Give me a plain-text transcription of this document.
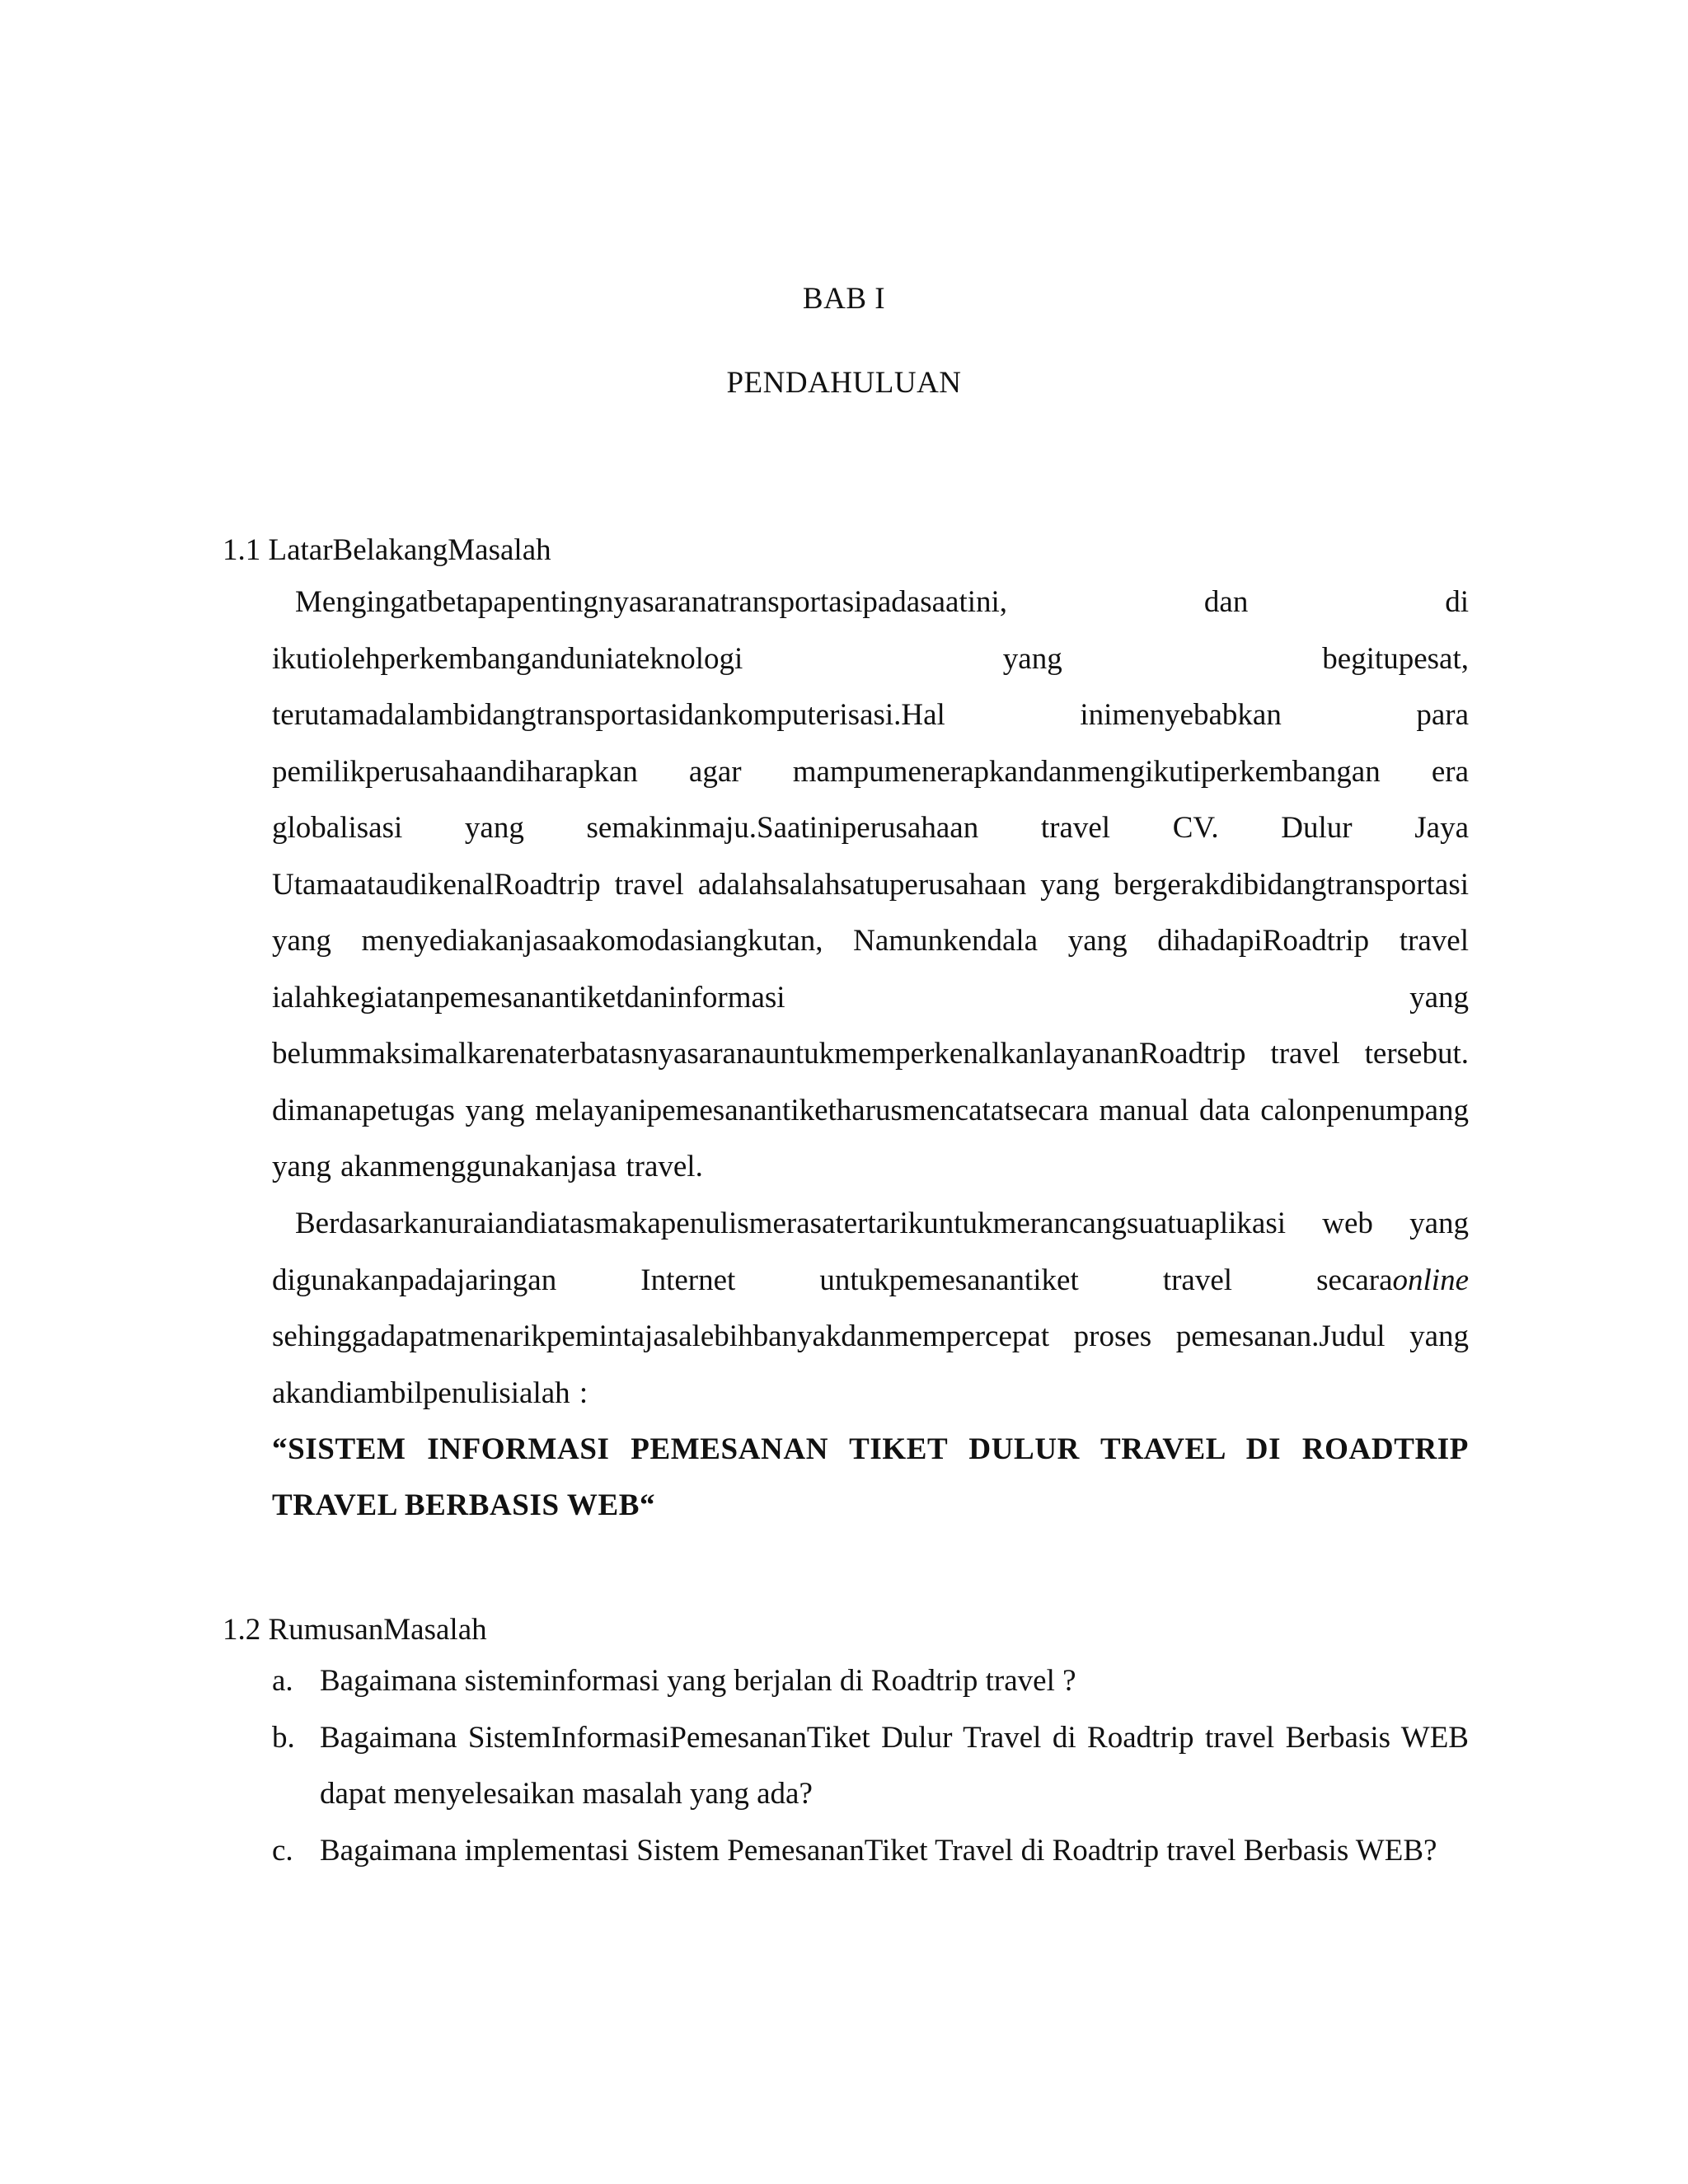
BAB I
PENDAHULUAN
1.1 LatarBelakangMasalah
Mengingatbetapapentingnyasaranatransportasipadasaatini, dan di ikutiolehperkembanganduniateknologi yang begitupesat, terutamadalambidangtransportasidankomputerisasi.Hal inimenyebabkan para pemilikperusahaandiharapkan agar mampumenerapkandanmengikutiperkembangan era globalisasi yang semakinmaju.Saatiniperusahaan travel CV. Dulur Jaya UtamaataudikenalRoadtrip travel adalahsalahsatuperusahaan yang bergerakdibidangtransportasi yang menyediakanjasaakomodasiangkutan, Namunkendala yang dihadapiRoadtrip travel ialahkegiatanpemesanantiketdaninformasi yang belummaksimalkarenaterbatasnyasaranauntukmemperkenalkanlayananRoadtrip travel tersebut. dimanapetugas yang melayanipemesanantiketharusmencatatsecara manual data calonpenumpang yang akanmenggunakanjasa travel.
Berdasarkanuraiandiatasmakapenulismerasatertarikuntukmerancangsuatuaplikasi web yang digunakanpadajaringan Internet untukpemesanantiket travel secaraonline sehinggadapatmenarikpemintajasalebihbanyakdanmempercepat proses pemesanan.Judul yang akandiambilpenulisialah :
“SISTEM INFORMASI PEMESANAN TIKET DULUR TRAVEL DI ROADTRIP TRAVEL BERBASIS WEB“
1.2 RumusanMasalah
a. Bagaimana sisteminformasi yang berjalan di Roadtrip travel ?
b. Bagaimana SistemInformasiPemesananTiket Dulur Travel di Roadtrip travel Berbasis WEB dapat menyelesaikan masalah yang ada?
c. Bagaimana implementasi Sistem PemesananTiket Travel di Roadtrip travel Berbasis WEB?
